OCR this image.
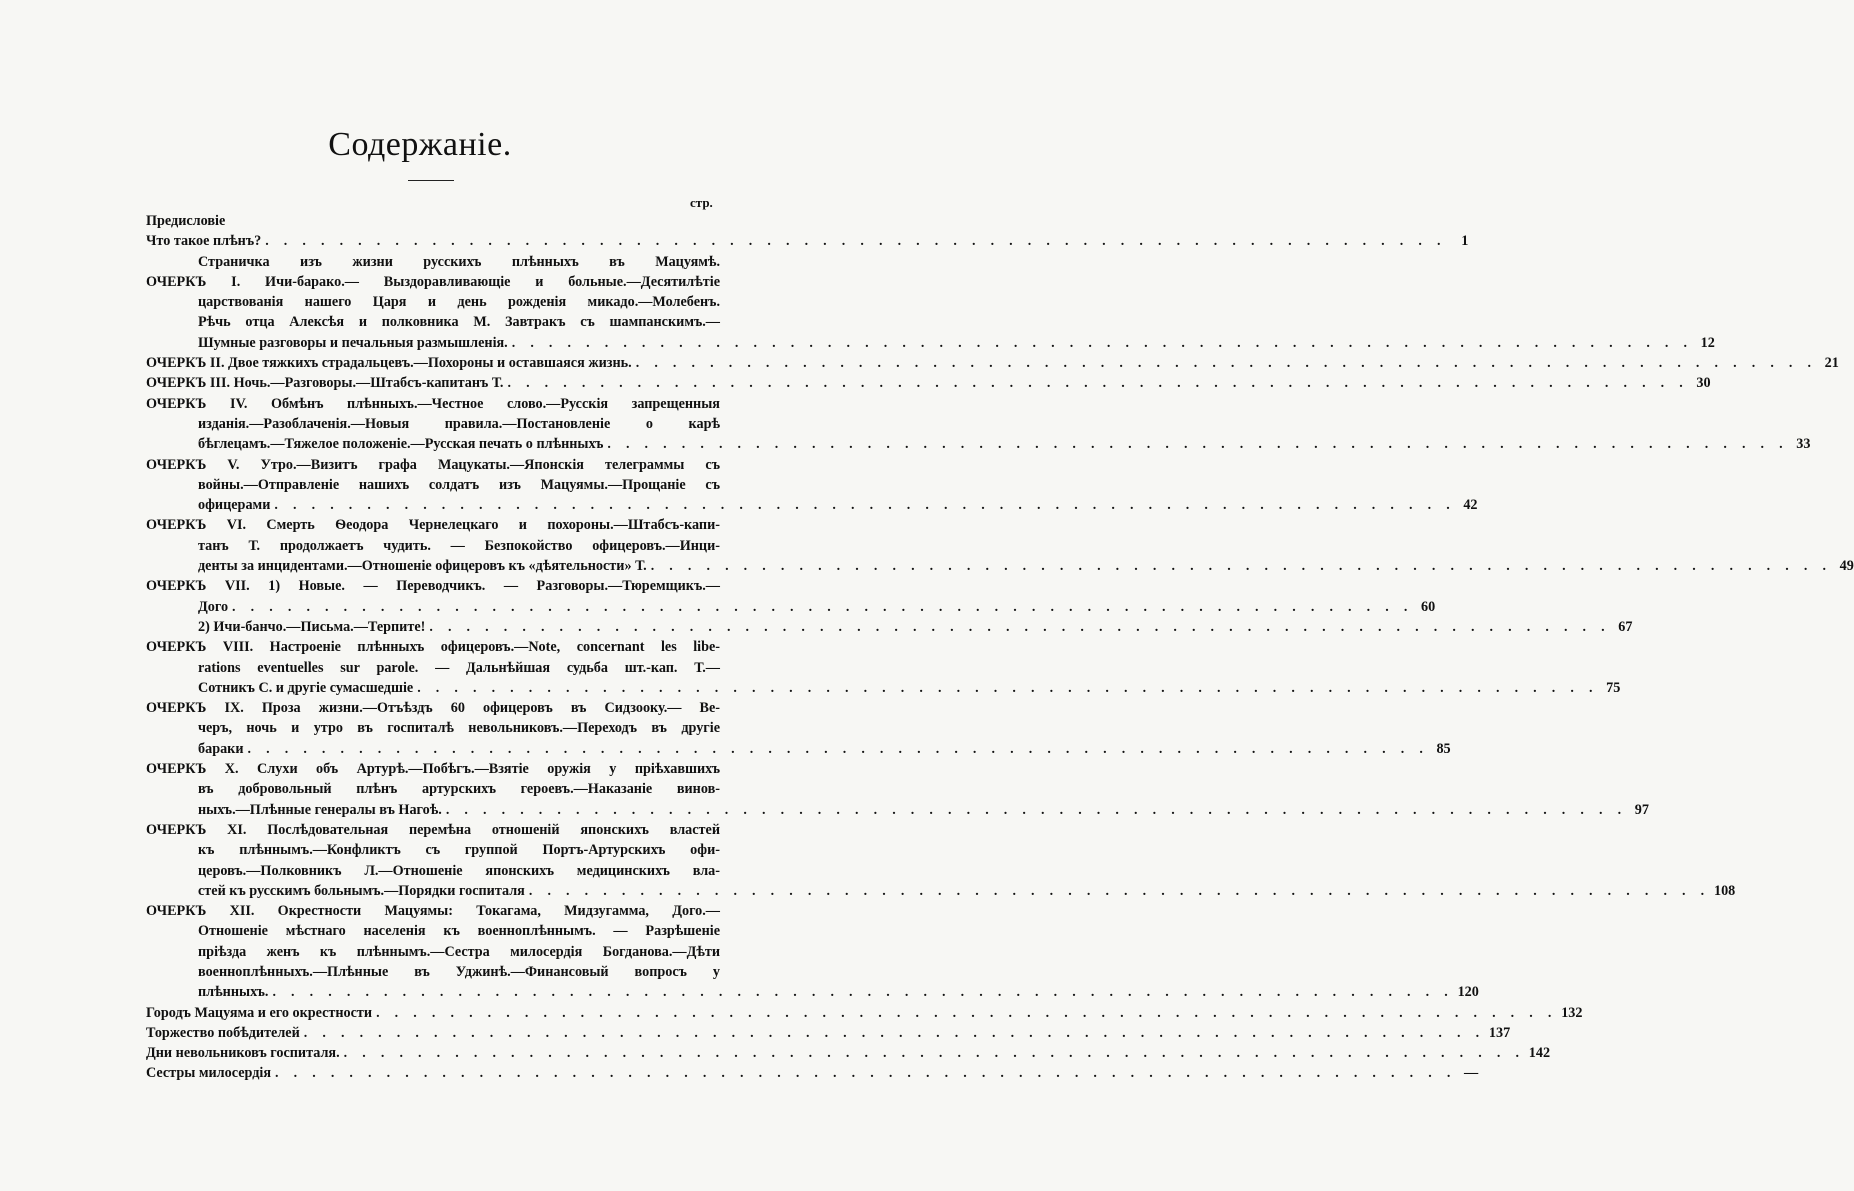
Содержаніе.
стр.
Предисловіе
Что такое плѣнъ? . . . . . . . . . . . . . . . . . . . . . . . . . . . . . . . . . . . . . . . . . . . . . . . . . . . . . . . . . . . . . . . .	1
Страничка изъ жизни русскихъ плѣнныхъ въ Мацуямѣ.
ОЧЕРКЪ I. Ичи-барако.— Выздоравливающіе и больные.—Десятилѣтіе
царствованія нашего Царя и день рожденія микадо.—Молебенъ.
Рѣчь отца Алексѣя и полковника М. Завтракъ съ шампанскимъ.—
Шумные разговоры и печальныя размышленія. . . . . . . . . . . . . . . . . . . . . . . . . . . . . . . . . . . . . . . . . . . . . . . . . . . . . . . . . . . . . . . . . 12
ОЧЕРКЪ II. Двое тяжкихъ страдальцевъ.—Похороны и оставшаяся жизнь. . . . . . . . . . . . . . . . . . . . . . . . . . . . . . . . . . . . . . . . . . . . . . . . . . . . . . . . . . . . . . . . . 21
ОЧЕРКЪ III. Ночь.—Разговоры.—Штабсъ-капитанъ Т. . . . . . . . . . . . . . . . . . . . . . . . . . . . . . . . . . . . . . . . . . . . . . . . . . . . . . . . . . . . . . . . . 30
ОЧЕРКЪ IV. Обмѣнъ плѣнныхъ.—Честное слово.—Русскія запрещенныя
изданія.—Разоблаченія.—Новыя правила.—Постановленіе о карѣ
бѣглецамъ.—Тяжелое положеніе.—Русская печать о плѣнныхъ . . . . . . . . . . . . . . . . . . . . . . . . . . . . . . . . . . . . . . . . . . . . . . . . . . . . . . . . . . . . . . . . 33
ОЧЕРКЪ V. Утро.—Визитъ графа Мацукаты.—Японскія телеграммы съ
войны.—Отправленіе нашихъ солдатъ изъ Мацуямы.—Прощаніе съ
офицерами . . . . . . . . . . . . . . . . . . . . . . . . . . . . . . . . . . . . . . . . . . . . . . . . . . . . . . . . . . . . . . . . 42
ОЧЕРКЪ VI. Смерть Ѳеодора Чернелецкаго и похороны.—Штабсъ-капи-
танъ Т. продолжаетъ чудить. — Безпокойство офицеровъ.—Инци-
денты за инцидентами.—Отношеніе офицеровъ къ «дѣятельности» Т. . . . . . . . . . . . . . . . . . . . . . . . . . . . . . . . . . . . . . . . . . . . . . . . . . . . . . . . . . . . . . . . . 49
ОЧЕРКЪ VII. 1) Новые. — Переводчикъ. — Разговоры.—Тюремщикъ.—
Дого . . . . . . . . . . . . . . . . . . . . . . . . . . . . . . . . . . . . . . . . . . . . . . . . . . . . . . . . . . . . . . . . 60
2) Ичи-банчо.—Письма.—Терпите! . . . . . . . . . . . . . . . . . . . . . . . . . . . . . . . . . . . . . . . . . . . . . . . . . . . . . . . . . . . . . . . . 67
ОЧЕРКЪ VIII. Настроеніе плѣнныхъ офицеровъ.—Note, concernant les libe-
rations eventuelles sur parole. — Дальнѣйшая судьба шт.-кап. Т.—
Сотникъ С. и другіе сумасшедшіе . . . . . . . . . . . . . . . . . . . . . . . . . . . . . . . . . . . . . . . . . . . . . . . . . . . . . . . . . . . . . . . . 75
ОЧЕРКЪ IX. Проза жизни.—Отъѣздъ 60 офицеровъ въ Сидзооку.— Ве-
черъ, ночь и утро въ госпиталѣ невольниковъ.—Переходъ въ другіе
бараки . . . . . . . . . . . . . . . . . . . . . . . . . . . . . . . . . . . . . . . . . . . . . . . . . . . . . . . . . . . . . . . . 85
ОЧЕРКЪ X. Слухи объ Артурѣ.—Побѣгъ.—Взятіе оружія у пріѣхавшихъ
въ добровольный плѣнъ артурскихъ героевъ.—Наказаніе винов-
ныхъ.—Плѣнные генералы въ Нагоѣ. . . . . . . . . . . . . . . . . . . . . . . . . . . . . . . . . . . . . . . . . . . . . . . . . . . . . . . . . . . . . . . . . 97
ОЧЕРКЪ XI. Послѣдовательная перемѣна отношеній японскихъ властей
къ плѣннымъ.—Конфликтъ съ группой Портъ-Артурскихъ офи-
церовъ.—Полковникъ Л.—Отношеніе японскихъ медицинскихъ вла-
стей къ русскимъ больнымъ.—Порядки госпиталя . . . . . . . . . . . . . . . . . . . . . . . . . . . . . . . . . . . . . . . . . . . . . . . . . . . . . . . . . . . . . . . . 108
ОЧЕРКЪ XII. Окрестности Мацуямы: Токагама, Мидзугамма, Дого.—
Отношеніе мѣстнаго населенія къ военноплѣннымъ. — Разрѣшеніе
пріѣзда женъ къ плѣннымъ.—Сестра милосердія Богданова.—Дѣти
военноплѣнныхъ.—Плѣнные въ Уджинѣ.—Финансовый вопросъ у
плѣнныхъ. . . . . . . . . . . . . . . . . . . . . . . . . . . . . . . . . . . . . . . . . . . . . . . . . . . . . . . . . . . . . . . . . 120
Городъ Мацуяма и его окрестности . . . . . . . . . . . . . . . . . . . . . . . . . . . . . . . . . . . . . . . . . . . . . . . . . . . . . . . . . . . . . . . . 132
Торжество побѣдителей . . . . . . . . . . . . . . . . . . . . . . . . . . . . . . . . . . . . . . . . . . . . . . . . . . . . . . . . . . . . . . . . 137
Дни невольниковъ госпиталя. . . . . . . . . . . . . . . . . . . . . . . . . . . . . . . . . . . . . . . . . . . . . . . . . . . . . . . . . . . . . . . . . 142
Сестры милосердія . . . . . . . . . . . . . . . . . . . . . . . . . . . . . . . . . . . . . . . . . . . . . . . . . . . . . . . . . . . . . . . . —
